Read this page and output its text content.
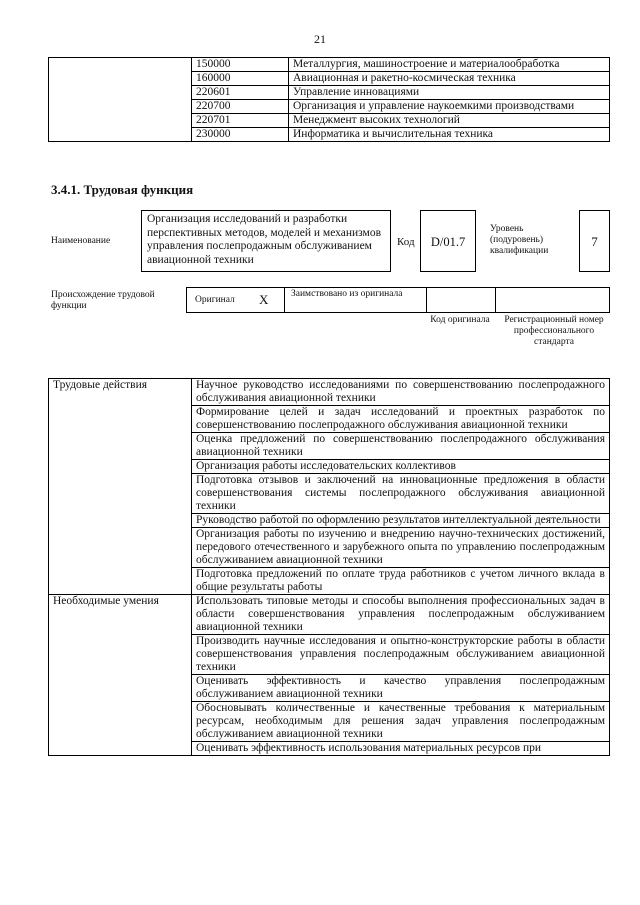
21
	150000	Металлургия, машиностроение и материалообработка
	160000	Авиационная и ракетно-космическая техника
	220601	Управление инновациями
	220700	Организация и управление наукоемкими производствами
	220701	Менеджмент высоких технологий
	230000	Информатика и вычислительная техника
3.4.1. Трудовая функция
Наименование
Организация исследований и разработки перспективных методов, моделей и механизмов управления послепродажным обслуживанием авиационной техники
Код	D/01.7
Уровень (подуровень) квалификации
7
Происхождение трудовой функции
Оригинал X Заимствовано из оригинала
Код оригинала	Регистрационный номер профессионального стандарта
Трудовые действия	Научное руководство исследованиями по совершенствованию послепродажного обслуживания авиационной техники
	Формирование целей и задач исследований и проектных разработок по совершенствованию послепродажного обслуживания авиационной техники
	Оценка предложений по совершенствованию послепродажного обслуживания авиационной техники
	Организация работы исследовательских коллективов
	Подготовка отзывов и заключений на инновационные предложения в области совершенствования системы послепродажного обслуживания авиационной техники
	Руководство работой по оформлению результатов интеллектуальной деятельности
	Организация работы по изучению и внедрению научно-технических достижений, передового отечественного и зарубежного опыта по управлению послепродажным обслуживанием авиационной техники
	Подготовка предложений по оплате труда работников с учетом личного вклада в общие результаты работы
Необходимые умения	Использовать типовые методы и способы выполнения профессиональных задач в области совершенствования управления послепродажным обслуживанием авиационной техники
	Производить научные исследования и опытно-конструкторские работы в области совершенствования управления послепродажным обслуживанием авиационной техники
	Оценивать эффективность и качество управления послепродажным обслуживанием авиационной техники
	Обосновывать количественные и качественные требования к материальным ресурсам, необходимым для решения задач управления послепродажным обслуживанием авиационной техники
	Оценивать эффективность использования материальных ресурсов при
